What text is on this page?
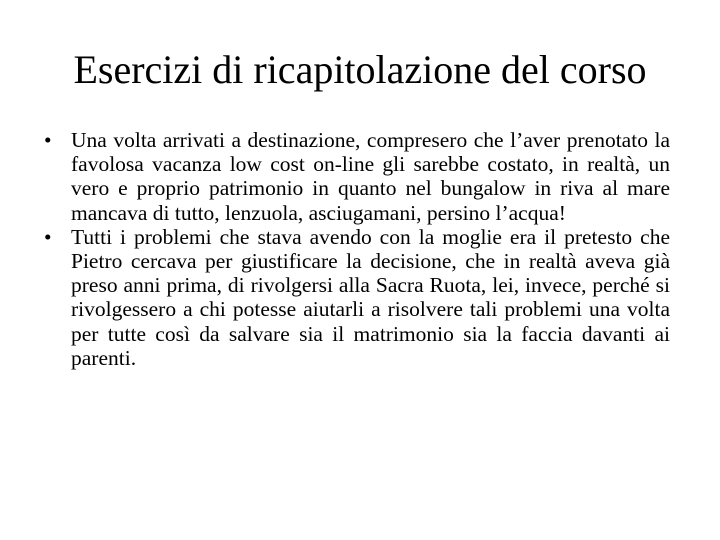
Esercizi di ricapitolazione del corso
• Una volta arrivati a destinazione, compresero che l’aver prenotato la favolosa vacanza low cost on-line gli sarebbe costato, in realtà, un vero e proprio patrimonio in quanto nel bungalow in riva al mare mancava di tutto, lenzuola, asciugamani, persino l’acqua!
• Tutti i problemi che stava avendo con la moglie era il pretesto che Pietro cercava per giustificare la decisione, che in realtà aveva già preso anni prima, di rivolgersi alla Sacra Ruota, lei, invece, perché si rivolgessero a chi potesse aiutarli a risolvere tali problemi una volta per tutte così da salvare sia il matrimonio sia la faccia davanti ai parenti.
